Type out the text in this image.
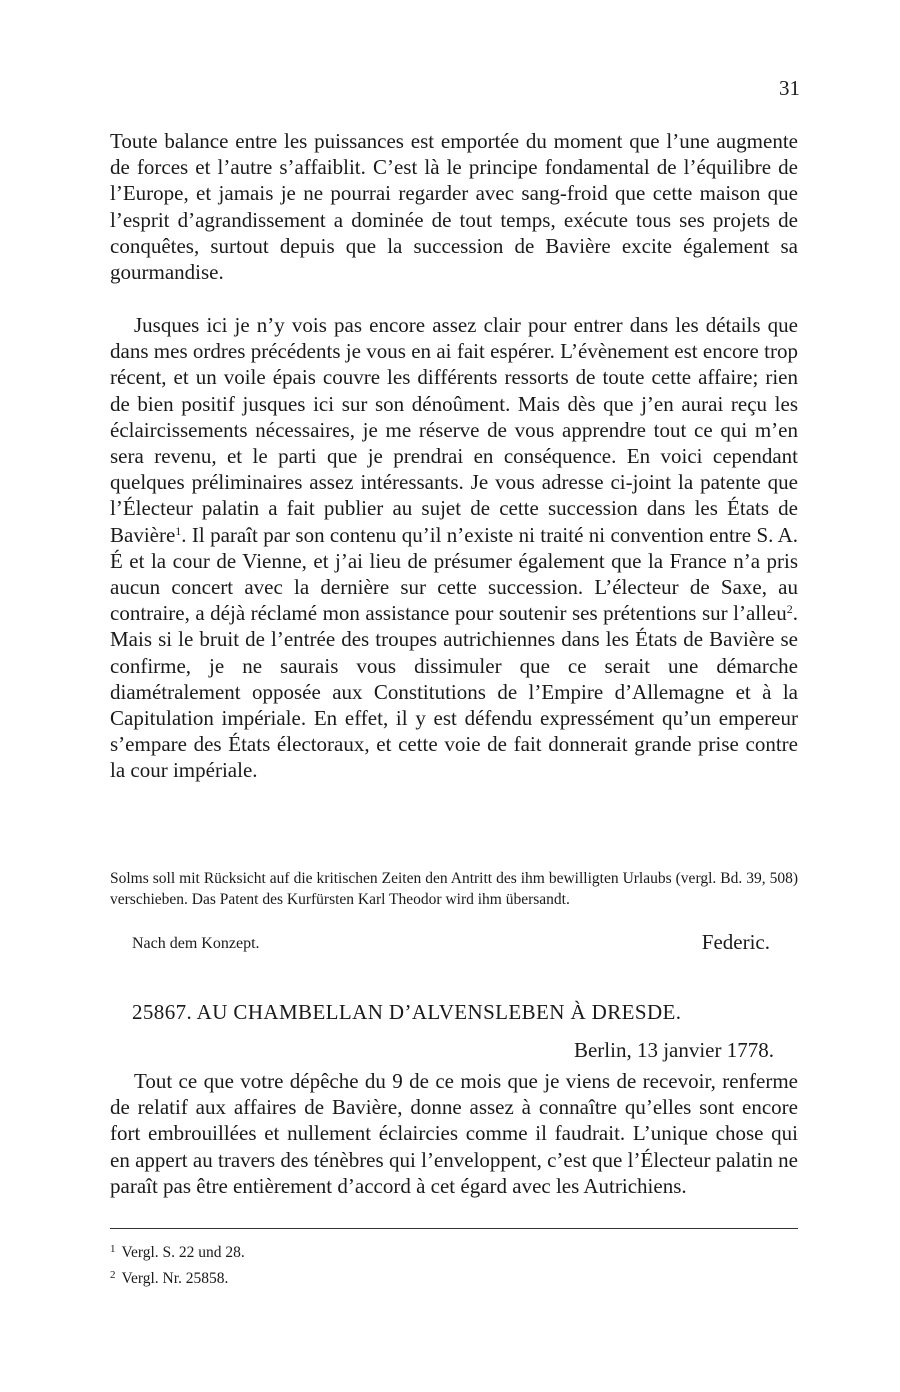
31

Toute balance entre les puissances est emportée du moment que l’une augmente de forces et l’autre s’affaiblit. C’est là le principe fondamental de l’équilibre de l’Europe, et jamais je ne pourrai regarder avec sang-froid que cette maison que l’esprit d’agrandissement a dominée de tout temps, exécute tous ses projets de conquêtes, surtout depuis que la succession de Bavière excite également sa gourmandise.

Jusques ici je n’y vois pas encore assez clair pour entrer dans les détails que dans mes ordres précédents je vous en ai fait espérer. L’évènement est encore trop récent, et un voile épais couvre les différents ressorts de toute cette affaire; rien de bien positif jusques ici sur son dénoûment. Mais dès que j’en aurai reçu les éclaircissements nécessaires, je me réserve de vous apprendre tout ce qui m’en sera revenu, et le parti que je prendrai en conséquence. En voici cependant quelques préliminaires assez intéressants. Je vous adresse ci-joint la patente que l’Électeur palatin a fait publier au sujet de cette succession dans les États de Bavière$^1$. Il paraît par son contenu qu’il n’existe ni traité ni convention entre S. A. É et la cour de Vienne, et j’ai lieu de présumer également que la France n’a pris aucun concert avec la dernière sur cette succession. L’électeur de Saxe, au contraire, a déjà réclamé mon assistance pour soutenir ses prétentions sur l’alleu$^2$. Mais si le bruit de l’entrée des troupes autrichiennes dans les États de Bavière se confirme, je ne saurais vous dissimuler que ce serait une démarche diamétralement opposée aux Constitutions de l’Empire d’Allemagne et à la Capitulation impériale. En effet, il y est défendu expressément qu’un empereur s’empare des États électoraux, et cette voie de fait donnerait grande prise contre la cour impériale.

Solms soll mit Rücksicht auf die kritischen Zeiten den Antritt des ihm bewilligten Urlaubs (vergl. Bd. 39, 508) verschieben. Das Patent des Kurfürsten Karl Theodor wird ihm übersandt.
Nach dem Konzept.	Federic.
25867. AU CHAMBELLAN D’ALVENSLEBEN À DRESDE.
Berlin, 13 janvier 1778.

Tout ce que votre dépêche du 9 de ce mois que je viens de recevoir, renferme de relatif aux affaires de Bavière, donne assez à connaître qu’elles sont encore fort embrouillées et nullement éclaircies comme il faudrait. L’unique chose qui en appert au travers des ténèbres qui l’enveloppent, c’est que l’Électeur palatin ne paraît pas être entièrement d’accord à cet égard avec les Autrichiens.

$^1$ Vergl. S. 22 und 28.
$^2$ Vergl. Nr. 25858.
